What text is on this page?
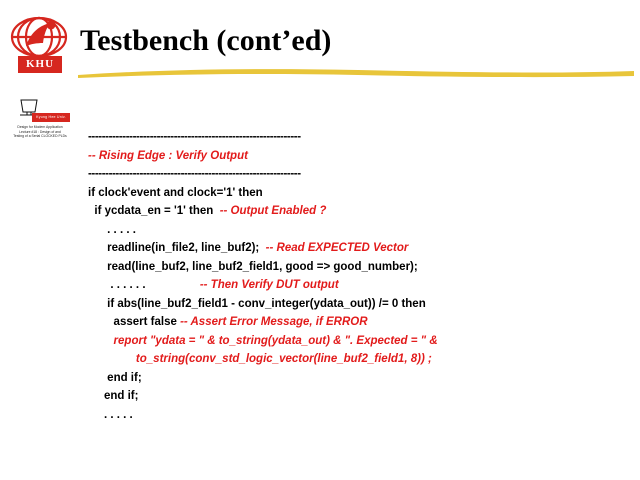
KHU
Testbench (cont’ed)
Kyung Hee Univ.
Design for Modern Application
Lecture #18 : Design of and
Testing of a Serial CLOCKED PLDs --------------------------------------------------------------
-- Rising Edge : Verify Output
--------------------------------------------------------------
if clock'event and clock='1' then
if ycdata_en = '1' then  -- Output Enabled ?
. . . . .
readline(in_file2, line_buf2);  -- Read EXPECTED Vector
read(line_buf2, line_buf2_field1, good => good_number);
. . . . . .                 -- Then Verify DUT output
if abs(line_buf2_field1 - conv_integer(ydata_out)) /= 0 then
assert false -- Assert Error Message, if ERROR
report "ydata = " & to_string(ydata_out) & ". Expected = " &
to_string(conv_std_logic_vector(line_buf2_field1, 8)) ;
end if;
end if;
. . . . .
